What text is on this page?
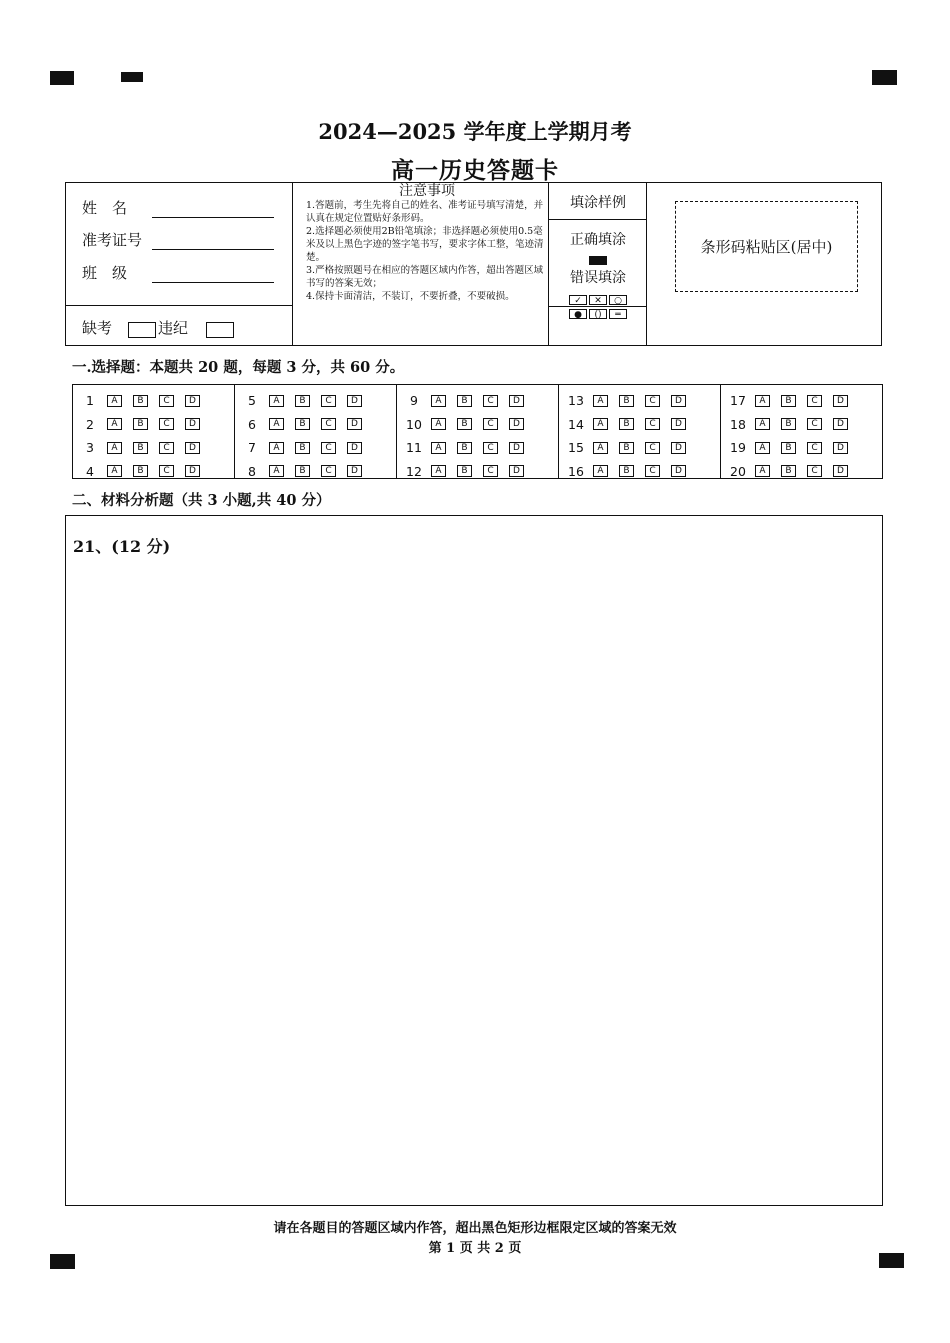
2024—2025 学年度上学期月考
高一历史答题卡
姓　名
准考证号
班　级
缺考	违纪
注意事项
1.答题前，考生先将自己的姓名、准考证号填写清楚，并认真在规定位置贴好条形码。
2.选择题必须使用2B铅笔填涂；非选择题必须使用0.5毫米及以上黑色字迹的签字笔书写，要求字体工整，笔迹清楚。
3.严格按照题号在相应的答题区域内作答，超出答题区域书写的答案无效；
4.保持卡面清洁，不装订，不要折叠，不要破损。
填涂样例
正确填涂
错误填涂
✓ ✕ ○
● () ═
条形码粘贴区(居中)
一.选择题：本题共 20 题，每题 3 分，共 60 分。
1	A	B	C	D
2	A	B	C	D
3	A	B	C	D
4	A	B	C	D
5	A	B	C	D
6	A	B	C	D
7	A	B	C	D
8	A	B	C	D
9	A	B	C	D
10	A	B	C	D
11	A	B	C	D
12	A	B	C	D
13	A	B	C	D
14	A	B	C	D
15	A	B	C	D
16	A	B	C	D
17	A	B	C	D
18	A	B	C	D
19	A	B	C	D
20	A	B	C	D
二、材料分析题（共 3 小题,共 40 分）
21、(12 分)
请在各题目的答题区域内作答，超出黑色矩形边框限定区域的答案无效
第 1 页 共 2 页
